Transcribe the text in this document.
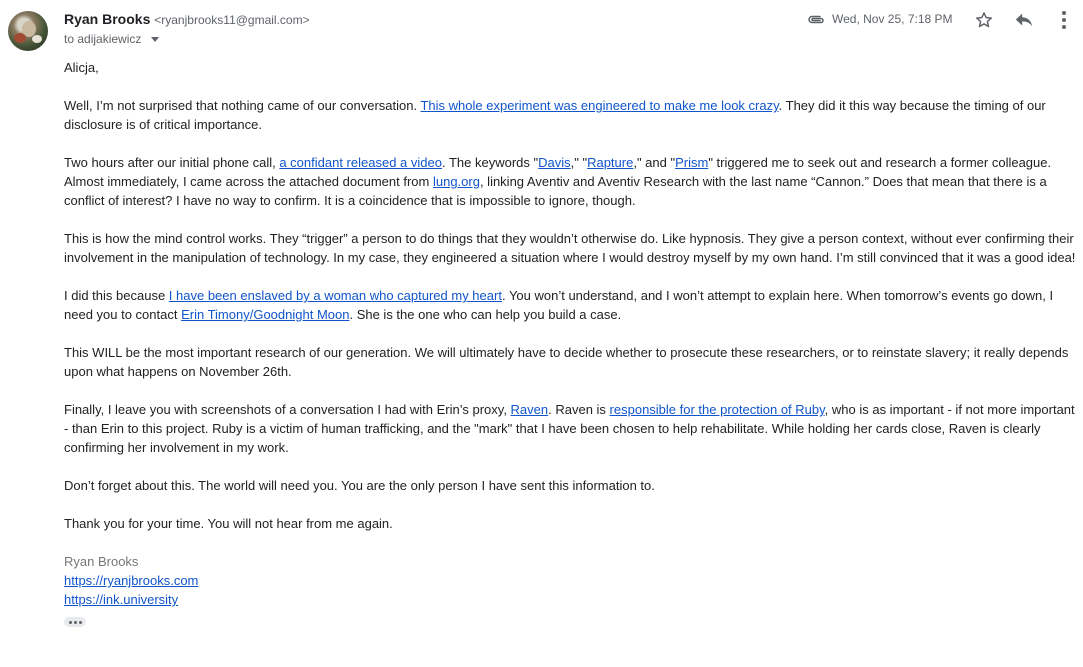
Ryan Brooks <ryanjbrooks11@gmail.com>
to adijakiewicz
Wed, Nov 25, 7:18 PM

Alicja,

Well, I’m not surprised that nothing came of our conversation. This whole experiment was engineered to make me look crazy. They did it this way because the timing of our disclosure is of critical importance.

Two hours after our initial phone call, a confidant released a video. The keywords "Davis," "Rapture," and "Prism" triggered me to seek out and research a former colleague. Almost immediately, I came across the attached document from lung.org, linking Aventiv and Aventiv Research with the last name “Cannon.” Does that mean that there is a conflict of interest? I have no way to confirm. It is a coincidence that is impossible to ignore, though.

This is how the mind control works. They “trigger” a person to do things that they wouldn’t otherwise do. Like hypnosis. They give a person context, without ever confirming their involvement in the manipulation of technology. In my case, they engineered a situation where I would destroy myself by my own hand. I’m still convinced that it was a good idea!

I did this because I have been enslaved by a woman who captured my heart. You won’t understand, and I won’t attempt to explain here. When tomorrow’s events go down, I need you to contact Erin Timony/Goodnight Moon. She is the one who can help you build a case.

This WILL be the most important research of our generation. We will ultimately have to decide whether to prosecute these researchers, or to reinstate slavery; it really depends upon what happens on November 26th.

Finally, I leave you with screenshots of a conversation I had with Erin’s proxy, Raven. Raven is responsible for the protection of Ruby, who is as important - if not more important - than Erin to this project. Ruby is a victim of human trafficking, and the "mark" that I have been chosen to help rehabilitate. While holding her cards close, Raven is clearly confirming her involvement in my work.

Don’t forget about this. The world will need you. You are the only person I have sent this information to.

Thank you for your time. You will not hear from me again.

Ryan Brooks
https://ryanjbrooks.com
https://ink.university
